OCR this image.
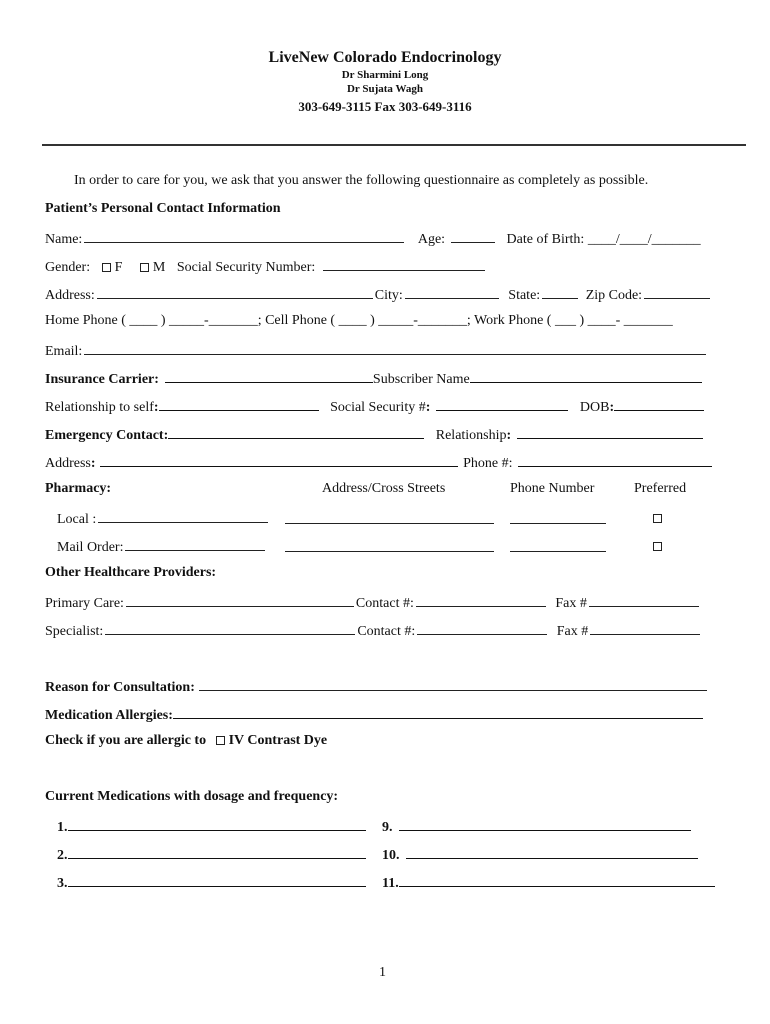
LiveNew Colorado Endocrinology
Dr Sharmini Long
Dr Sujata Wagh
303-649-3115 Fax 303-649-3116
In order to care for you, we ask that you answer the following questionnaire as completely as possible.
Patient’s Personal Contact Information
Name:	Age:	Date of Birth: ____/____/_______
Gender: F M Social Security Number:
Address:	City:	State:	Zip Code:
Home Phone ( ____ ) _____-_______; Cell Phone ( ____ ) _____-_______; Work Phone ( ___ ) ____- _______
Email:
Insurance Carrier:	Subscriber Name
Relationship to self:	Social Security #:	DOB:
Emergency Contact:	Relationship:
Address:	Phone #:
Pharmacy:	Address/Cross Streets	Phone Number	Preferred
Local :
Mail Order:
Other Healthcare Providers:
Primary Care:	Contact #:	Fax #
Specialist:	Contact #:	Fax #
Reason for Consultation:
Medication Allergies:
Check if you are allergic to IV Contrast Dye
Current Medications with dosage and frequency:
1.	9.
2.	10.
3.	11.
1
